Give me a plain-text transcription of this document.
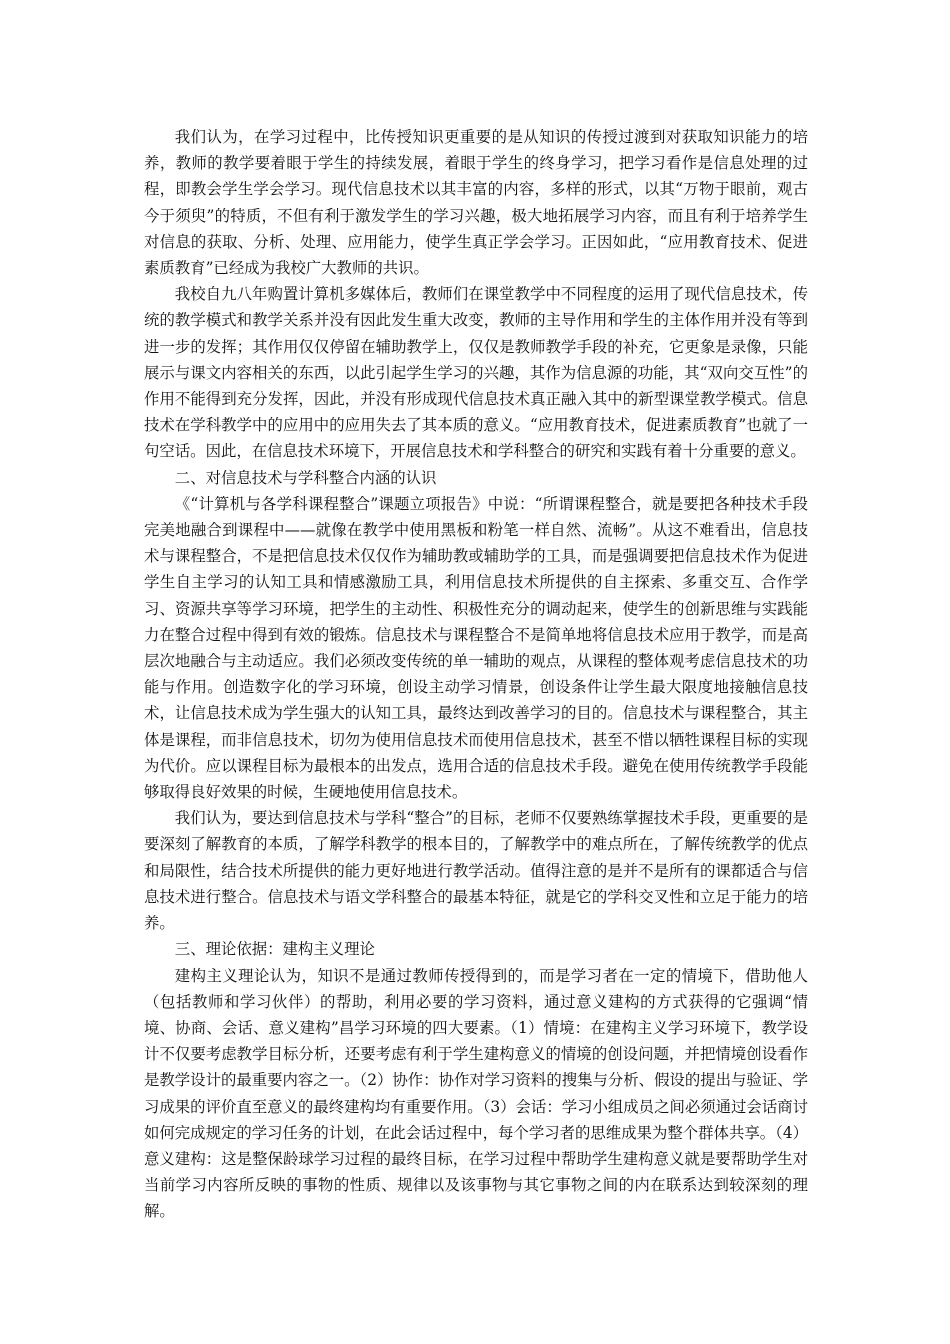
我们认为，在学习过程中，比传授知识更重要的是从知识的传授过渡到对获取知识能力的培养，教师的教学要着眼于学生的持续发展，着眼于学生的终身学习，把学习看作是信息处理的过程，即教会学生学会学习。现代信息技术以其丰富的内容，多样的形式，以其“万物于眼前，观古今于须臾”的特质，不但有利于激发学生的学习兴趣，极大地拓展学习内容，而且有利于培养学生对信息的获取、分析、处理、应用能力，使学生真正学会学习。正因如此，“应用教育技术、促进素质教育”已经成为我校广大教师的共识。

我校自九八年购置计算机多媒体后，教师们在课堂教学中不同程度的运用了现代信息技术，传统的教学模式和教学关系并没有因此发生重大改变，教师的主导作用和学生的主体作用并没有等到进一步的发挥；其作用仅仅停留在辅助教学上，仅仅是教师教学手段的补充，它更象是录像，只能展示与课文内容相关的东西，以此引起学生学习的兴趣，其作为信息源的功能，其“双向交互性”的作用不能得到充分发挥，因此，并没有形成现代信息技术真正融入其中的新型课堂教学模式。信息技术在学科教学中的应用中的应用失去了其本质的意义。“应用教育技术，促进素质教育”也就了一句空话。因此，在信息技术环境下，开展信息技术和学科整合的研究和实践有着十分重要的意义。

二、对信息技术与学科整合内涵的认识

《“计算机与各学科课程整合”课题立项报告》中说：“所谓课程整合，就是要把各种技术手段完美地融合到课程中——就像在教学中使用黑板和粉笔一样自然、流畅”。从这不难看出，信息技术与课程整合，不是把信息技术仅仅作为辅助教或辅助学的工具，而是强调要把信息技术作为促进学生自主学习的认知工具和情感激励工具，利用信息技术所提供的自主探索、多重交互、合作学习、资源共享等学习环境，把学生的主动性、积极性充分的调动起来，使学生的创新思维与实践能力在整合过程中得到有效的锻炼。信息技术与课程整合不是简单地将信息技术应用于教学，而是高层次地融合与主动适应。我们必须改变传统的单一辅助的观点，从课程的整体观考虑信息技术的功能与作用。创造数字化的学习环境，创设主动学习情景，创设条件让学生最大限度地接触信息技术，让信息技术成为学生强大的认知工具，最终达到改善学习的目的。信息技术与课程整合，其主体是课程，而非信息技术，切勿为使用信息技术而使用信息技术，甚至不惜以牺牲课程目标的实现为代价。应以课程目标为最根本的出发点，选用合适的信息技术手段。避免在使用传统教学手段能够取得良好效果的时候，生硬地使用信息技术。

我们认为，要达到信息技术与学科“整合”的目标，老师不仅要熟练掌握技术手段，更重要的是要深刻了解教育的本质，了解学科教学的根本目的，了解教学中的难点所在，了解传统教学的优点和局限性，结合技术所提供的能力更好地进行教学活动。值得注意的是并不是所有的课都适合与信息技术进行整合。信息技术与语文学科整合的最基本特征，就是它的学科交叉性和立足于能力的培养。

三、理论依据：建构主义理论

建构主义理论认为，知识不是通过教师传授得到的，而是学习者在一定的情境下，借助他人（包括教师和学习伙伴）的帮助，利用必要的学习资料，通过意义建构的方式获得的它强调“情境、协商、会话、意义建构”昌学习环境的四大要素。（1）情境：在建构主义学习环境下，教学设计不仅要考虑教学目标分析，还要考虑有利于学生建构意义的情境的创设问题，并把情境创设看作是教学设计的最重要内容之一。（2）协作：协作对学习资料的搜集与分析、假设的提出与验证、学习成果的评价直至意义的最终建构均有重要作用。（3）会话：学习小组成员之间必须通过会话商讨如何完成规定的学习任务的计划，在此会话过程中，每个学习者的思维成果为整个群体共享。（4）意义建构：这是整保龄球学习过程的最终目标，在学习过程中帮助学生建构意义就是要帮助学生对当前学习内容所反映的事物的性质、规律以及该事物与其它事物之间的内在联系达到较深刻的理解。
